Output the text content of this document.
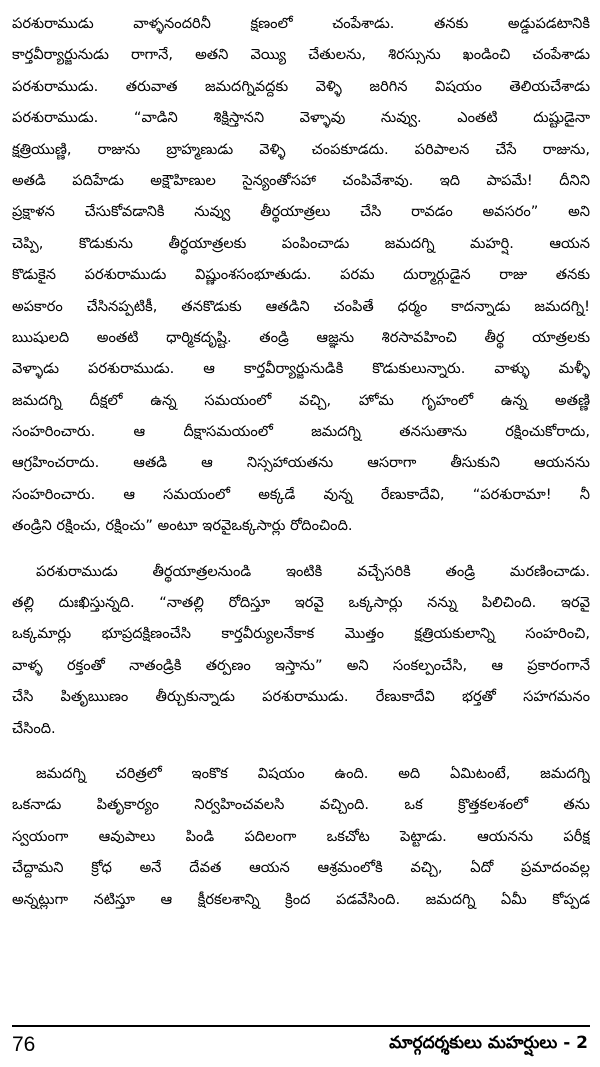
పరశురాముడు వాళ్ళనందరినీ క్షణంలో చంపేశాడు. తనకు అడ్డుపడటానికి
కార్తవీర్యార్జునుడు రాగానే, అతని వెయ్యి చేతులను, శిరస్సును ఖండించి చంపేశాడు
పరశురాముడు. తరువాత జమదగ్నివద్దకు వెళ్ళి జరిగిన విషయం తెలియచేశాడు
పరశురాముడు. “వాడిని శిక్షిస్తానని వెళ్ళావు నువ్వు. ఎంతటి దుష్టుడైనా
క్షత్రియుణ్ణి, రాజును బ్రాహ్మణుడు వెళ్ళి చంపకూడదు. పరిపాలన చేసే రాజును,
అతడి పదిహేడు అక్షౌహిణుల సైన్యంతోసహా చంపివేశావు. ఇది పాపమే! దీనిని
ప్రక్షాళన చేసుకోవడానికి నువ్వు తీర్థయాత్రలు చేసి రావడం అవసరం” అని
చెప్పి, కొడుకును తీర్థయాత్రలకు పంపించాడు జమదగ్ని మహర్షి. ఆయన
కొడుకైన పరశురాముడు విష్ణుంశసంభూతుడు. పరమ దుర్మార్గుడైన రాజు తనకు
అపకారం చేసినప్పటికీ, తనకొడుకు ఆతడిని చంపితే ధర్మం కాదన్నాడు జమదగ్ని!
ఋషులది అంతటి ధార్మికదృష్టి. తండ్రి ఆజ్ఞను శిరసావహించి తీర్థ యాత్రలకు
వెళ్ళాడు పరశురాముడు. ఆ కార్తవీర్యార్జునుడికి కొడుకులున్నారు. వాళ్ళు మళ్ళీ
జమదగ్ని దీక్షలో ఉన్న సమయంలో వచ్చి, హోమ గృహంలో ఉన్న అతణ్ణి
సంహరించారు. ఆ దీక్షాసమయంలో జమదగ్ని తనసుతాను రక్షించుకోరాదు,
ఆగ్రహించరాదు. ఆతడి ఆ నిస్సహాయతను ఆసరాగా తీసుకుని ఆయనను
సంహరించారు. ఆ సమయంలో అక్కడే వున్న రేణుకాదేవి, “పరశురామా! నీ
తండ్రిని రక్షించు, రక్షించు” అంటూ ఇరవైఒక్కసార్లు రోదించింది.
పరశురాముడు తీర్థయాత్రలనుండి ఇంటికి వచ్చేసరికి తండ్రి మరణించాడు.
తల్లి దుఃఖిస్తున్నది. “నాతల్లి రోదిస్తూ ఇరవై ఒక్కసార్లు నన్ను పిలిచింది. ఇరవై
ఒక్కమార్లు భూప్రదక్షిణంచేసి కార్తవీర్యులనేకాక మొత్తం క్షత్రియకులాన్ని సంహరించి,
వాళ్ళ రక్తంతో నాతండ్రికి తర్పణం ఇస్తాను” అని సంకల్పంచేసి, ఆ ప్రకారంగానే
చేసి పితృఋణం తీర్చుకున్నాడు పరశురాముడు. రేణుకాదేవి భర్తతో సహగమనం
చేసింది.
జమదగ్ని చరిత్రలో ఇంకొక విషయం ఉంది. అది ఏమిటంటే, జమదగ్ని
ఒకనాడు పితృకార్యం నిర్వహించవలసి వచ్చింది. ఒక క్రొత్తకలశంలో తను
స్వయంగా ఆవుపాలు పిండి పదిలంగా ఒకచోట పెట్టాడు. ఆయనను పరీక్ష
చేద్దామని క్రోధ అనే దేవత ఆయన ఆశ్రమంలోకి వచ్చి, ఏదో ప్రమాదంవల్ల
అన్నట్లుగా నటిస్తూ ఆ క్షీరకలశాన్ని క్రింద పడవేసింది. జమదగ్ని ఏమీ కోప్పడ
76	మార్గదర్శకులు మహర్షులు - 2
